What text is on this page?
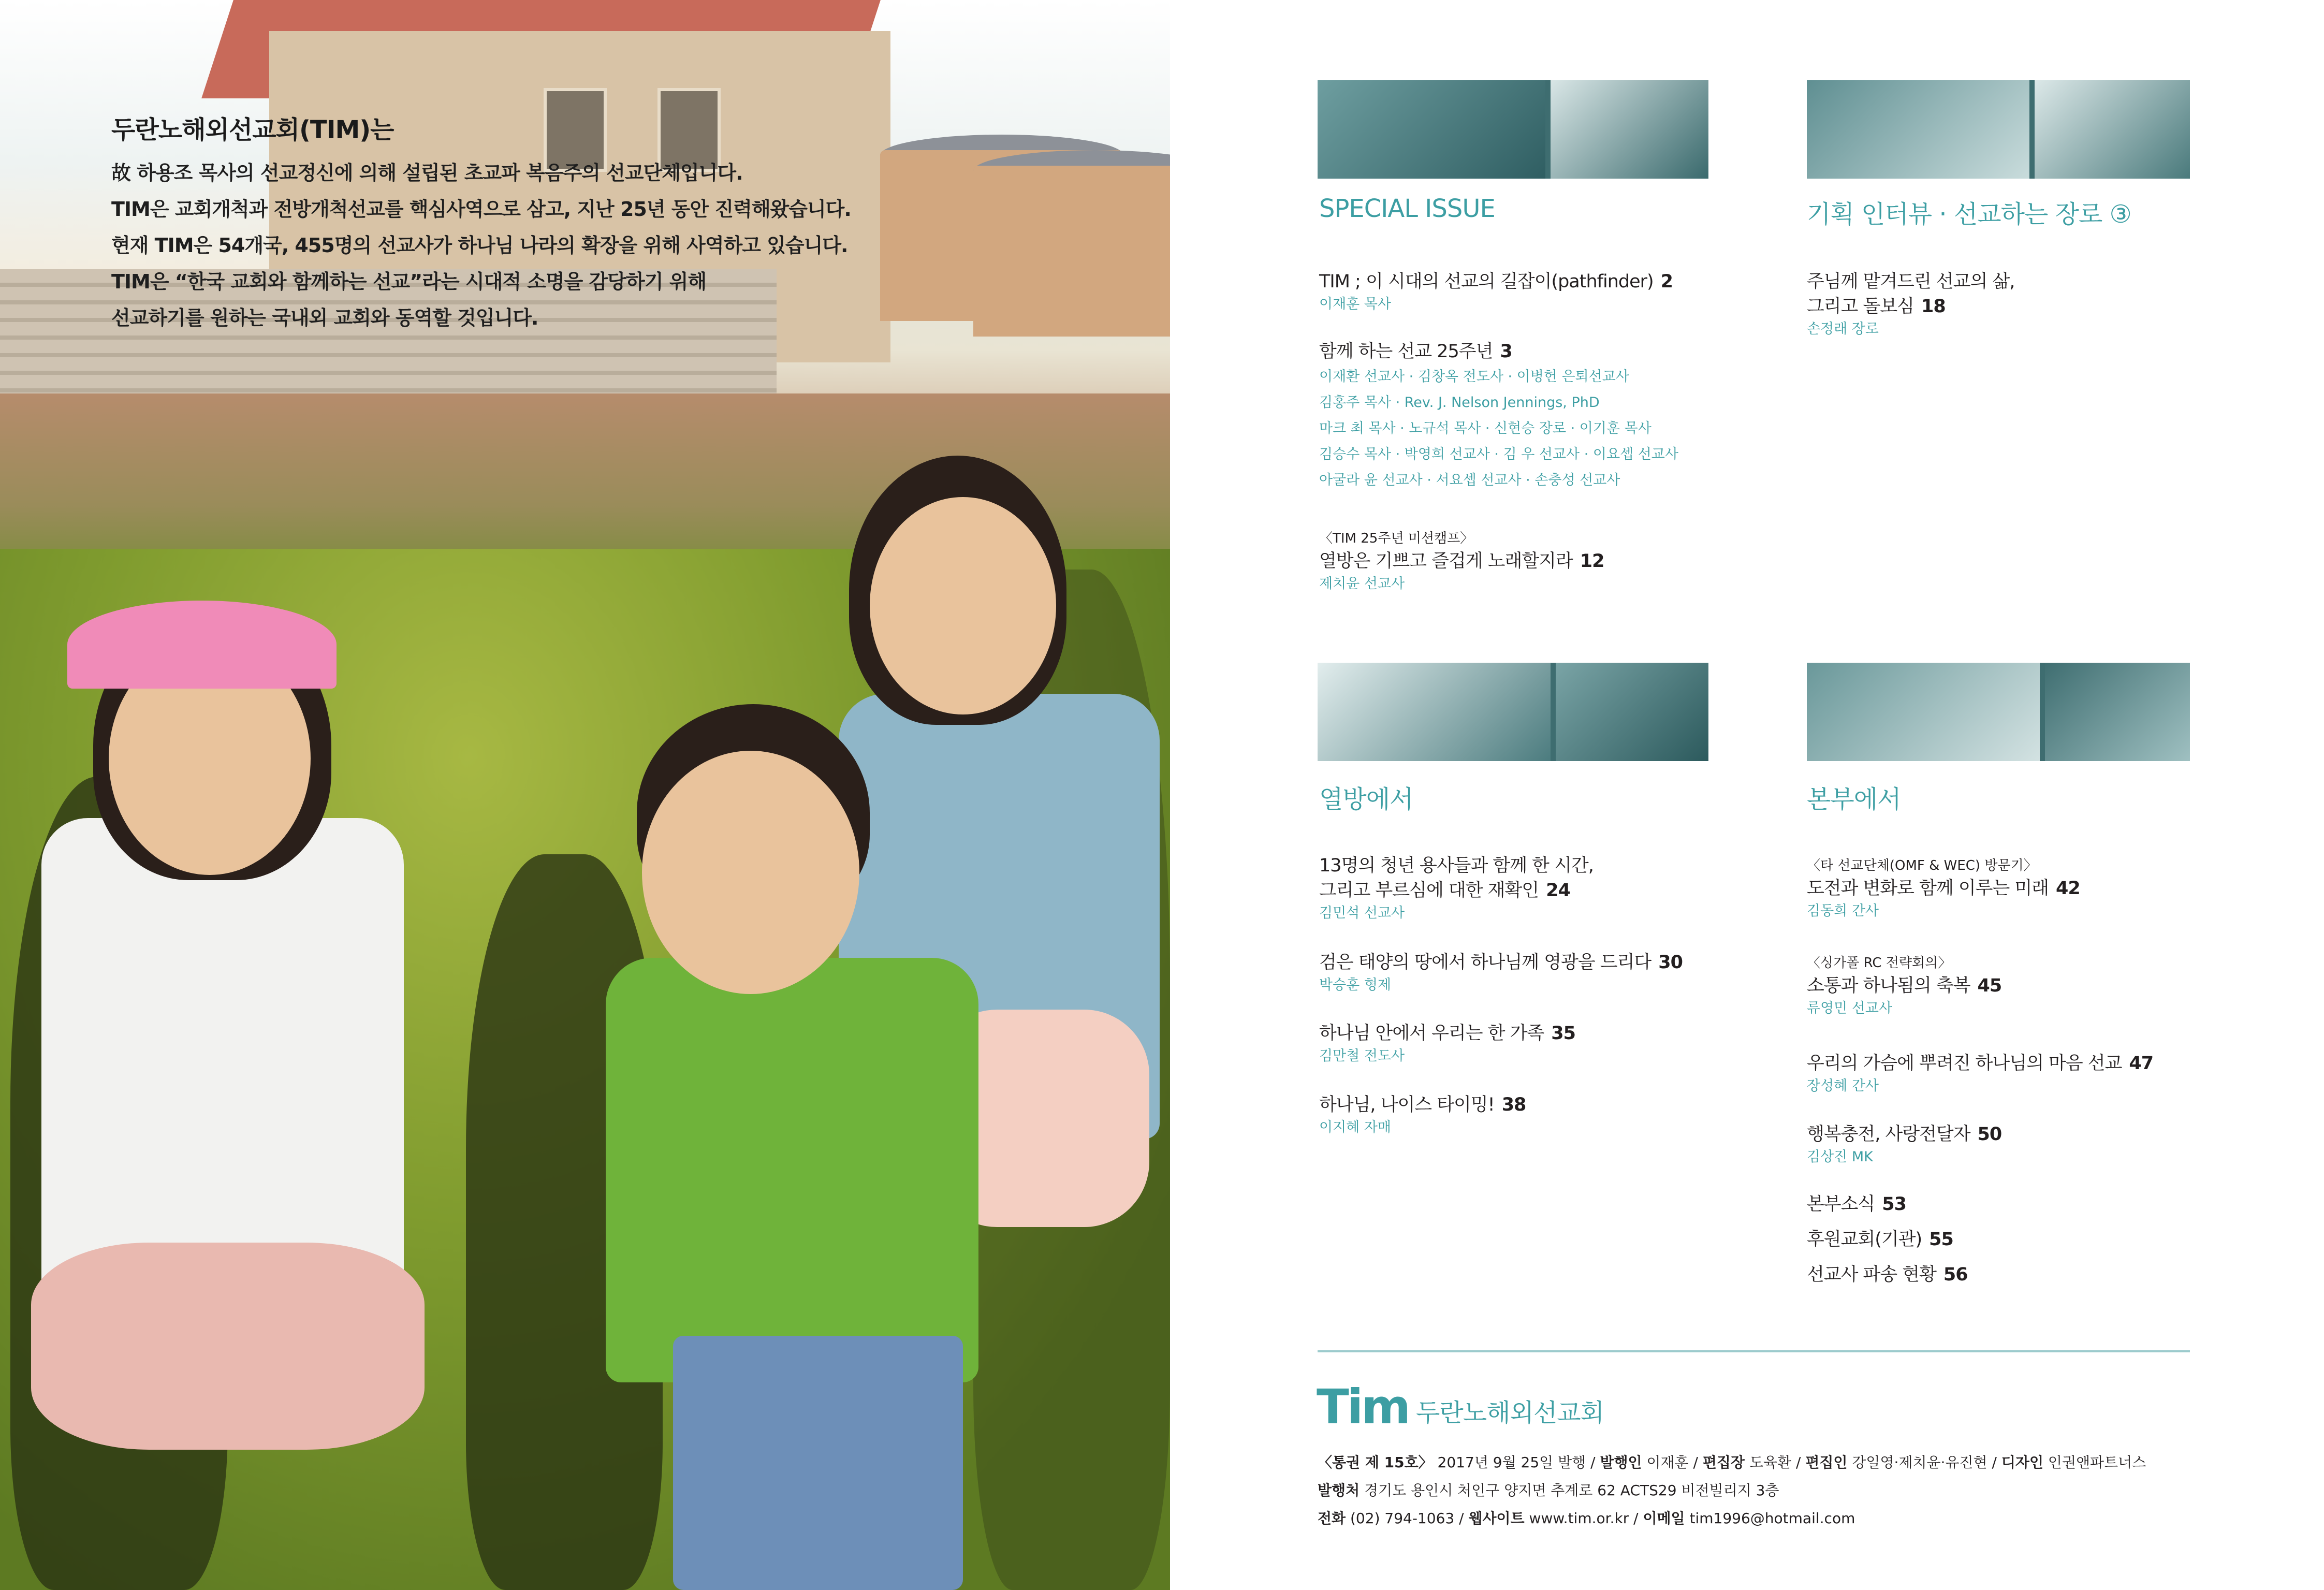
두란노해외선교회(TIM)는
故 하용조 목사의 선교정신에 의해 설립된 초교파 복음주의 선교단체입니다.
TIM은 교회개척과 전방개척선교를 핵심사역으로 삼고, 지난 25년 동안 진력해왔습니다.
현재 TIM은 54개국, 455명의 선교사가 하나님 나라의 확장을 위해 사역하고 있습니다.
TIM은 “한국 교회와 함께하는 선교”라는 시대적 소명을 감당하기 위해
선교하기를 원하는 국내외 교회와 동역할 것입니다.
SPECIAL ISSUE	기획 인터뷰 · 선교하는 장로 ③
열방에서	본부에서
TIM ; 이 시대의 선교의 길잡이(pathfinder) 2
이재훈 목사
함께 하는 선교 25주년 3
이재환 선교사 · 김창옥 전도사 · 이병헌 은퇴선교사
김홍주 목사 · Rev. J. Nelson Jennings, PhD
마크 최 목사 · 노규석 목사 · 신현승 장로 · 이기훈 목사
김승수 목사 · 박영희 선교사 · 김 우 선교사 · 이요셉 선교사
아굴라 윤 선교사 · 서요셉 선교사 · 손충성 선교사
〈TIM 25주년 미션캠프〉
열방은 기쁘고 즐겁게 노래할지라 12
제치윤 선교사
주님께 맡겨드린 선교의 삶,
그리고 돌보심 18
손정래 장로
13명의 청년 용사들과 함께 한 시간,
그리고 부르심에 대한 재확인 24
김민석 선교사
검은 태양의 땅에서 하나님께 영광을 드리다 30
박승훈 형제
하나님 안에서 우리는 한 가족 35
김만철 전도사
하나님, 나이스 타이밍! 38
이지혜 자매
〈타 선교단체(OMF & WEC) 방문기〉
도전과 변화로 함께 이루는 미래 42
김동희 간사
〈싱가폴 RC 전략회의〉
소통과 하나됨의 축복 45
류영민 선교사
우리의 가슴에 뿌려진 하나님의 마음 선교 47
장성혜 간사
행복충전, 사랑전달자 50
김상진 MK
본부소식 53
후원교회(기관) 55
선교사 파송 현황 56
Tim 두란노해외선교회
〈통권 제 15호〉 2017년 9월 25일 발행 / 발행인 이재훈 / 편집장 도육환 / 편집인 강일영·제치윤·유진현 / 디자인 인권앤파트너스
발행처 경기도 용인시 처인구 양지면 추계로 62 ACTS29 비전빌리지 3층
전화 (02) 794-1063 / 웹사이트 www.tim.or.kr / 이메일 tim1996@hotmail.com
